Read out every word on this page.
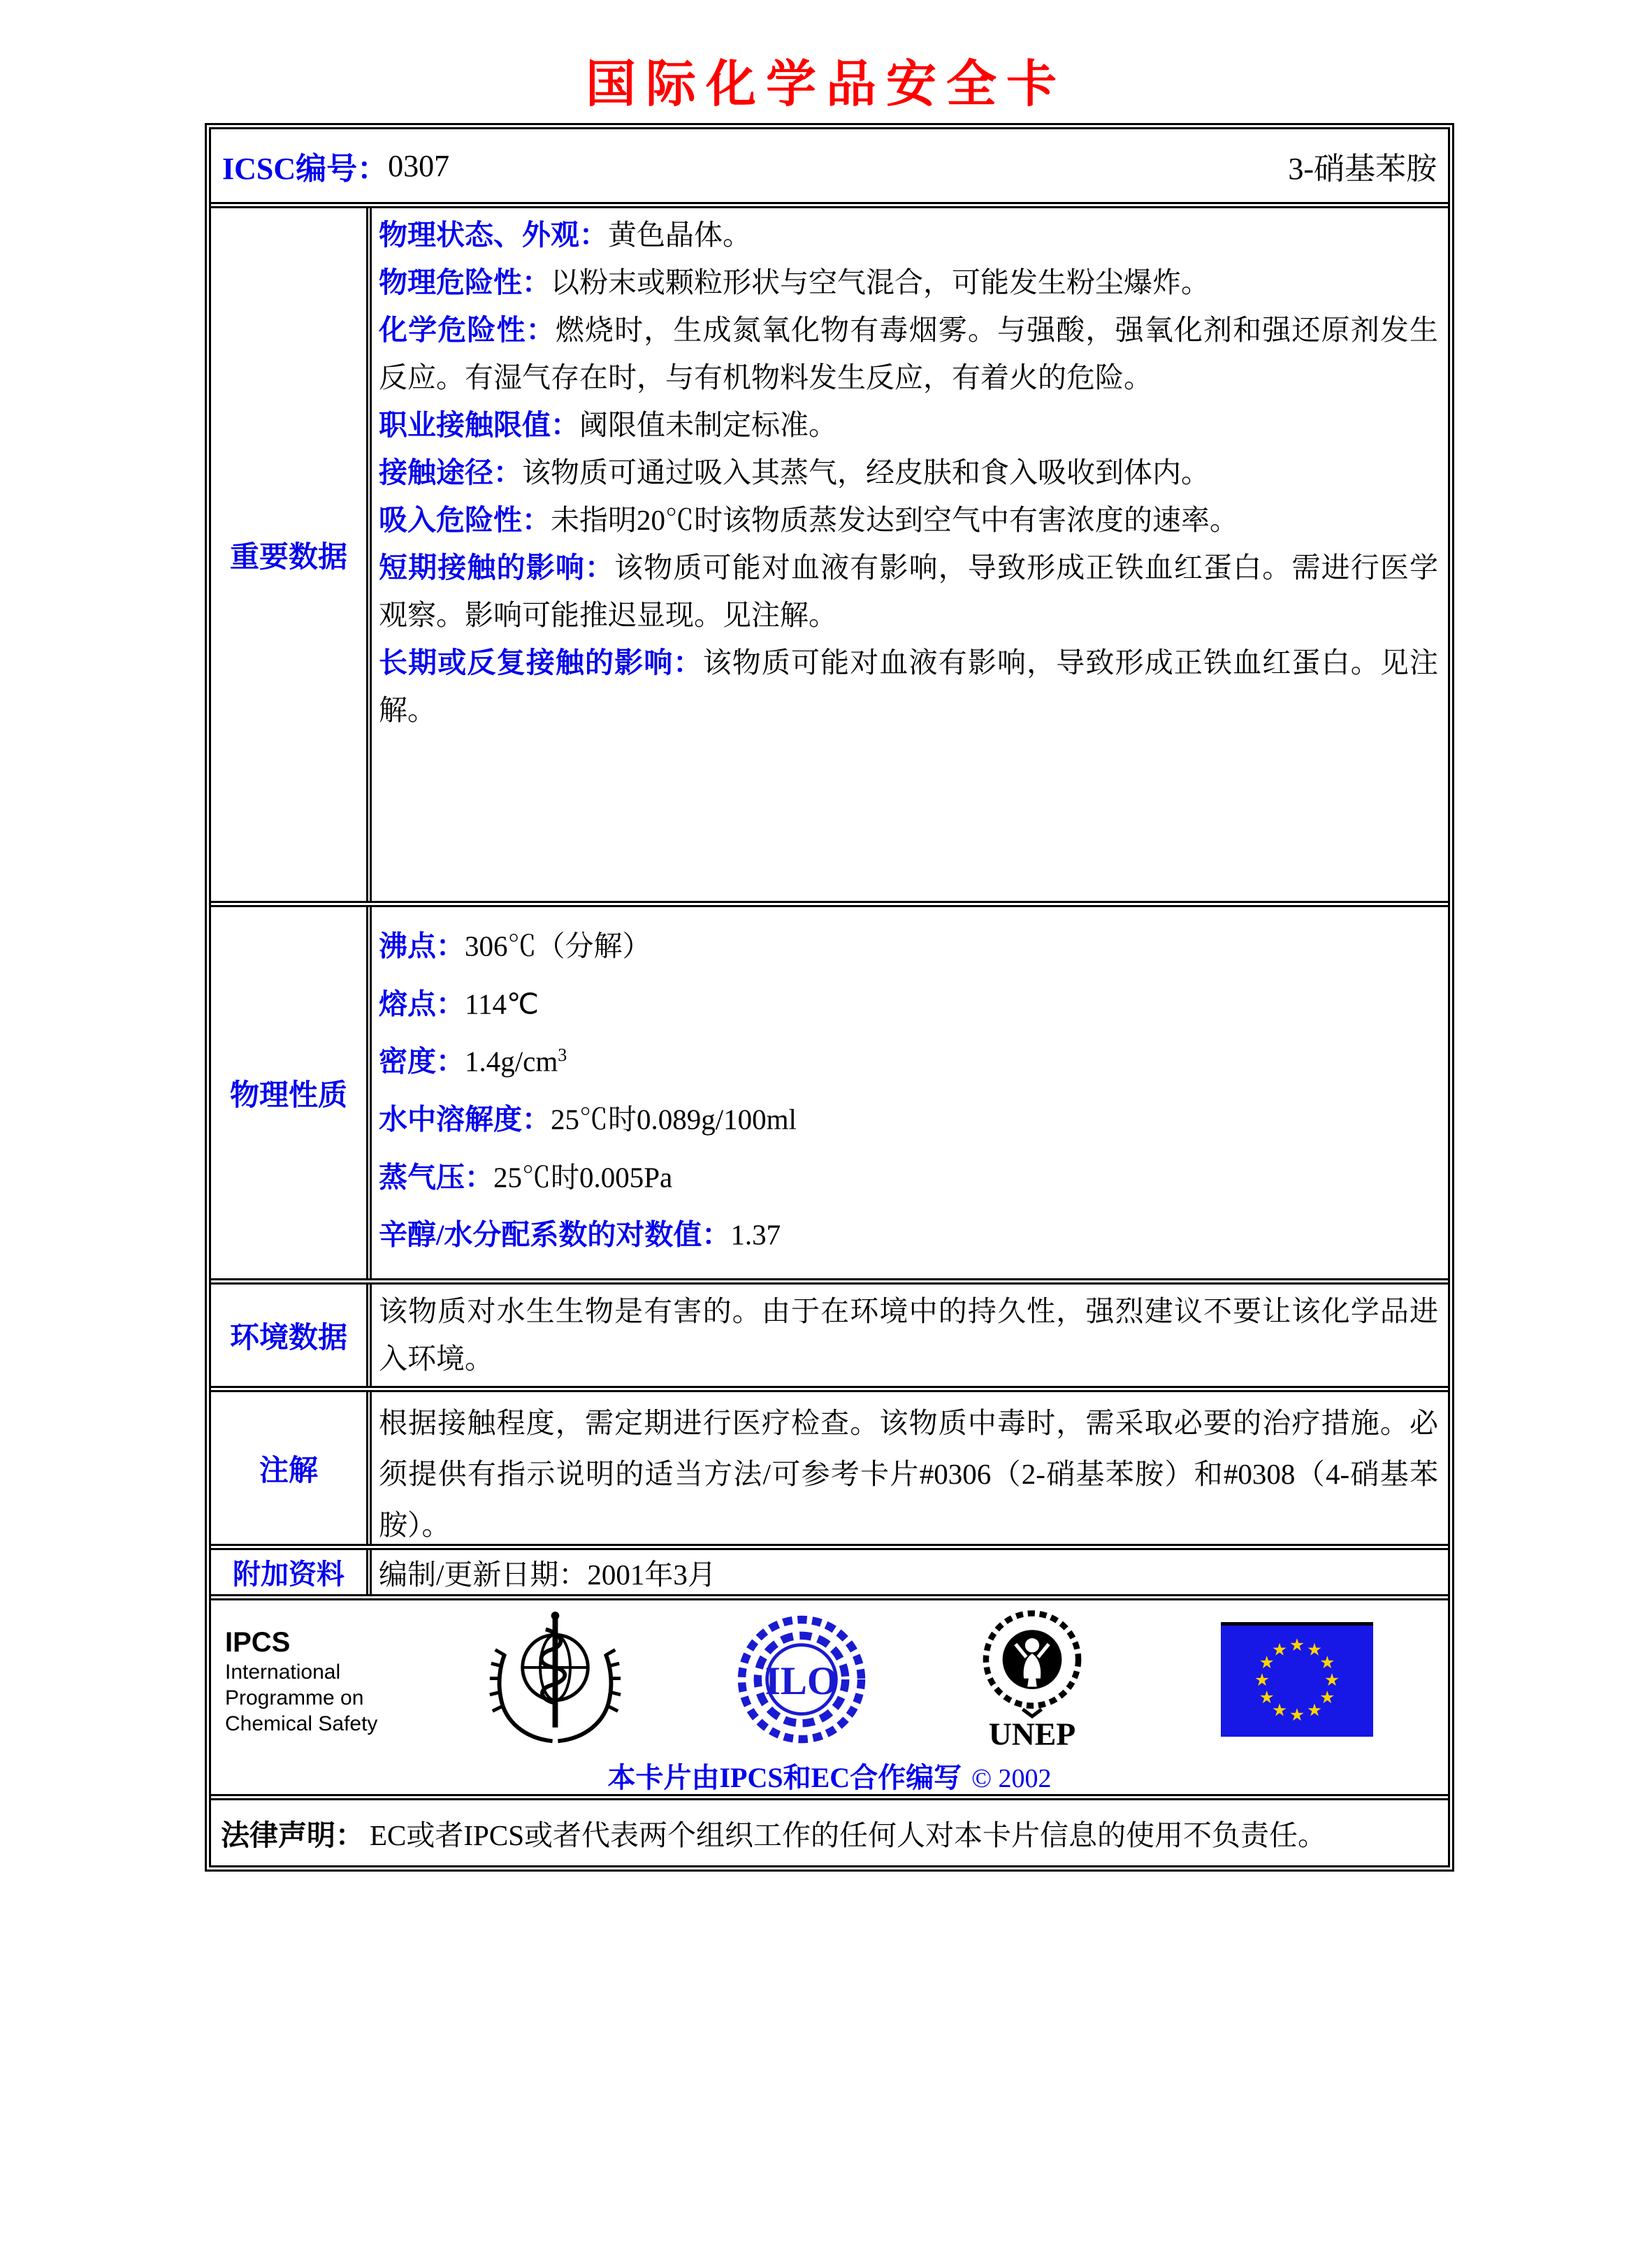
国际化学品安全卡
ICSC编号： 0307	3-硝基苯胺
重要数据
物理状态、外观：黄色晶体。
物理危险性：以粉末或颗粒形状与空气混合，可能发生粉尘爆炸。
化学危险性：燃烧时，生成氮氧化物有毒烟雾。与强酸，强氧化剂和强还原剂发生反应。有湿气存在时，与有机物料发生反应，有着火的危险。
职业接触限值：阈限值未制定标准。
接触途径：该物质可通过吸入其蒸气，经皮肤和食入吸收到体内。
吸入危险性：未指明20℃时该物质蒸发达到空气中有害浓度的速率。
短期接触的影响：该物质可能对血液有影响，导致形成正铁血红蛋白。需进行医学观察。影响可能推迟显现。见注解。
长期或反复接触的影响：该物质可能对血液有影响，导致形成正铁血红蛋白。见注解。
物理性质
沸点：306℃（分解）
熔点：114℃
密度：$1.4g/cm^3$
水中溶解度：25℃时0.089g/100ml
蒸气压：25℃时0.005Pa
辛醇/水分配系数的对数值：1.37
环境数据
该物质对水生生物是有害的。由于在环境中的持久性，强烈建议不要让该化学品进入环境。
注解
根据接触程度，需定期进行医疗检查。该物质中毒时，需采取必要的治疗措施。必须提供有指示说明的适当方法/可参考卡片#0306（2-硝基苯胺）和#0308（4-硝基苯胺）。
附加资料	编制/更新日期： 2001年3月
IPCS
International
Programme on
Chemical Safety
ILO
UNEP
本卡片由IPCS和EC合作编写 © 2002
法律声明： EC或者IPCS或者代表两个组织工作的任何人对本卡片信息的使用不负责任。
